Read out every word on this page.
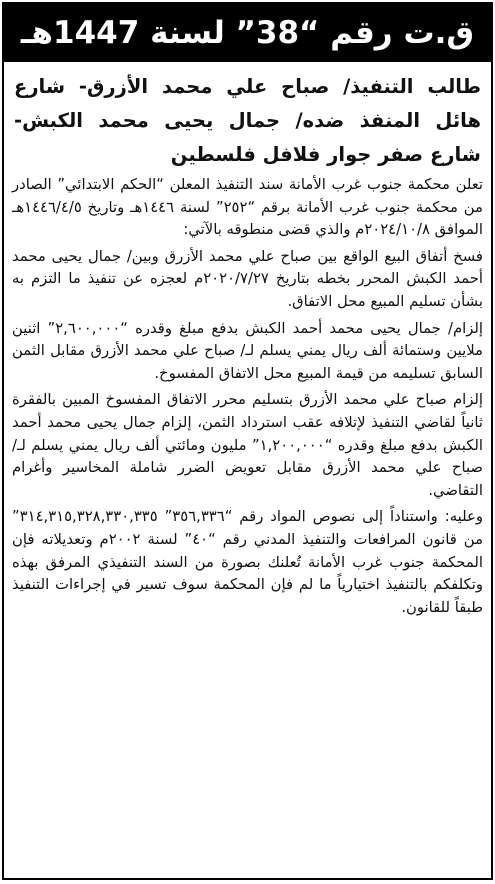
ق.ت رقم “38” لسنة 1447هـ
طالب التنفيذ/ صباح علي محمد الأزرق- شارع هائل المنفذ ضده/ جمال يحيى محمد الكبش- شارع صفر جوار فلافل فلسطين

تعلن محكمة جنوب غرب الأمانة سند التنفيذ المعلن “الحكم الابتدائي” الصادر من محكمة جنوب غرب الأمانة برقم “٢٥٢” لسنة ١٤٤٦هـ وتاريخ ١٤٤٦/٤/٥هـ الموافق ٢٠٢٤/١٠/٨م والذي قضى منطوقه بالآتي:

فسخ أتفاق البيع الواقع بين صباح علي محمد الأزرق وبين/ جمال يحيى محمد أحمد الكبش المحرر بخطه بتاريخ ٢٠٢٠/٧/٢٧م لعجزه عن تنفيذ ما التزم به بشأن تسليم المبيع محل الاتفاق.

إلزام/ جمال يحيى محمد أحمد الكبش بدفع مبلغ وقدره “٢,٦٠٠,٠٠٠” اثنين ملايين وستمائة ألف ريال يمني يسلم لـ/ صباح علي محمد الأزرق مقابل الثمن السابق تسليمه من قيمة المبيع محل الاتفاق المفسوخ.

إلزام صباح علي محمد الأزرق بتسليم محرر الاتفاق المفسوخ المبين بالفقرة ثانياً لقاضي التنفيذ لإتلافه عقب استرداد الثمن، إلزام جمال يحيى محمد أحمد الكبش بدفع مبلغ وقدره “١,٢٠٠,٠٠٠” مليون ومائتي ألف ريال يمني يسلم لـ/ صباح علي محمد الأزرق مقابل تعويض الضرر شاملة المخاسير وأغرام التقاضي.

وعليه: واستناداً إلى نصوص المواد رقم “٣٥٦,٣٣٦” ٣١٤,٣١٥,٣٢٨,٣٣٠,٣٣٥” من قانون المرافعات والتنفيذ المدني رقم “٤٠” لسنة ٢٠٠٢م وتعديلاته فإن المحكمة جنوب غرب الأمانة تُعلنك بصورة من السند التنفيذي المرفق بهذه وتكلفكم بالتنفيذ اختيارياً ما لم فإن المحكمة سوف تسير في إجراءات التنفيذ طبقاً للقانون.
